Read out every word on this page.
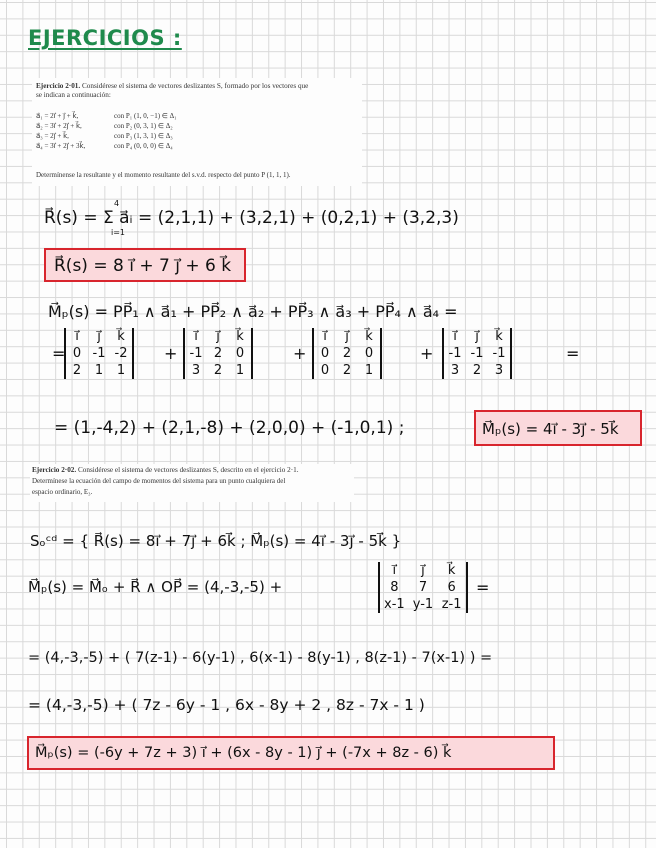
EJERCICIOS :
Ejercicio 2·01. Considérese el sistema de vectores deslizantes S, formado por los vectores que
se indican a continuación:
a⃗₁ = 2i⃗ + j⃗ + k⃗,	con P₁ (1, 0, −1) ∈ Δ₁
a⃗₂ = 3i⃗ + 2j⃗ + k⃗,	con P₂ (0, 3, 1) ∈ Δ₂
a⃗₃ = 2j⃗ + k⃗,	con P₃ (1, 3, 1) ∈ Δ₃
a⃗₄ = 3i⃗ + 2j⃗ + 3k⃗,	con P₄ (0, 0, 0) ∈ Δ₄
Determínense la resultante y el momento resultante del s.v.d. respecto del punto P (1, 1, 1).
R⃗(s) = Σ a⃗ᵢ = (2,1,1) + (3,2,1) + (0,2,1) + (3,2,3)
4
i=1
R⃗(s) = 8 i⃗ + 7 j⃗ + 6 k⃗
M⃗ₚ(s) = PP⃗₁ ∧ a⃗₁ + PP⃗₂ ∧ a⃗₂ + PP⃗₃ ∧ a⃗₃ + PP⃗₄ ∧ a⃗₄ =
=
i⃗	j⃗	k⃗
0 -1 -2
2 1 1
+
i⃗	j⃗	k⃗
-1 2 0
3 2 1
+
i⃗	j⃗	k⃗
0 2 0
0 2 1
+
i⃗	j⃗	k⃗
-1 -1 -1
3 2 3
=
= (1,-4,2) + (2,1,-8) + (2,0,0) + (-1,0,1) ;	M⃗ₚ(s) = 4i⃗ - 3j⃗ - 5k⃗
Ejercicio 2·02. Considérese el sistema de vectores deslizantes S, descrito en el ejercicio 2·1.
Determínese la ecuación del campo de momentos del sistema para un punto cualquiera del
espacio ordinario, E₃.
Sₒᶜᵈ = { R⃗(s) = 8i⃗ + 7j⃗ + 6k⃗ ; M⃗ₚ(s) = 4i⃗ - 3j⃗ - 5k⃗ }
M⃗ₚ(s) = M⃗ₒ + R⃗ ∧ OP⃗ = (4,-3,-5) +
i⃗	j⃗	k⃗
8	7	6
x-1 y-1 z-1
=
= (4,-3,-5) + ( 7(z-1) - 6(y-1) , 6(x-1) - 8(y-1) , 8(z-1) - 7(x-1) ) =
= (4,-3,-5) + ( 7z - 6y - 1 , 6x - 8y + 2 , 8z - 7x - 1 )
M⃗ₚ(s) = (-6y + 7z + 3) i⃗ + (6x - 8y - 1) j⃗ + (-7x + 8z - 6) k⃗
